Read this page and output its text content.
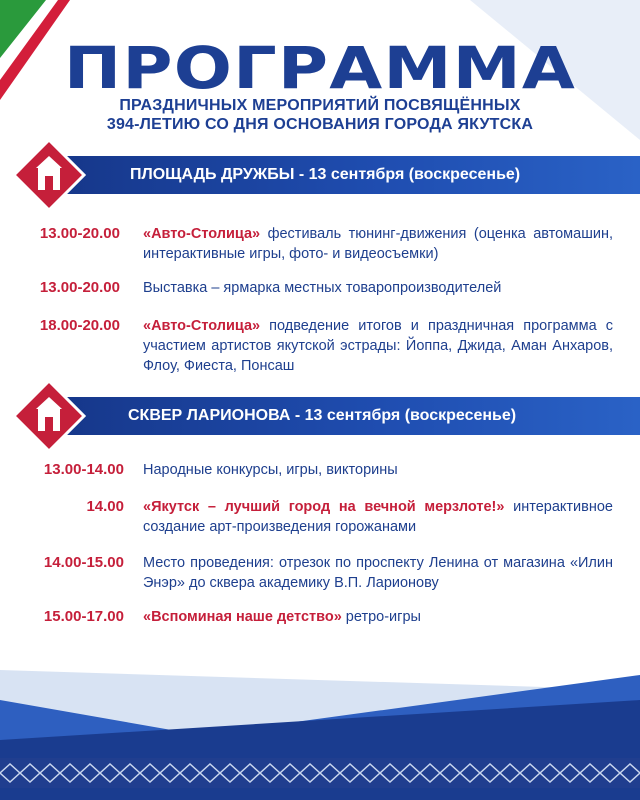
ПРОГРАММА
ПРАЗДНИЧНЫХ МЕРОПРИЯТИЙ ПОСВЯЩЁННЫХ
394-ЛЕТИЮ СО ДНЯ ОСНОВАНИЯ ГОРОДА ЯКУТСКА
ПЛОЩАДЬ ДРУЖБЫ - 13 сентября (воскресенье)
13.00-20.00 «Авто-Столица» фестиваль тюнинг-движения (оценка автомашин, интерактивные игры, фото- и видеосъемки)
13.00-20.00 Выставка – ярмарка местных товаропроизводителей
18.00-20.00 «Авто-Столица» подведение итогов и праздничная программа с участием артистов якутской эстрады: Йоппа, Джида, Аман Анхаров, Флоу, Фиеста, Понсаш
СКВЕР ЛАРИОНОВА - 13 сентября (воскресенье)
13.00-14.00 Народные конкурсы, игры, викторины
14.00 «Якутск – лучший город на вечной мерзлоте!» интерактивное создание арт-произведения горожанами
14.00-15.00 Место проведения: отрезок по проспекту Ленина от магазина «Илин Энэр» до сквера академику В.П. Ларионову
15.00-17.00 «Вспоминая наше детство» ретро-игры
